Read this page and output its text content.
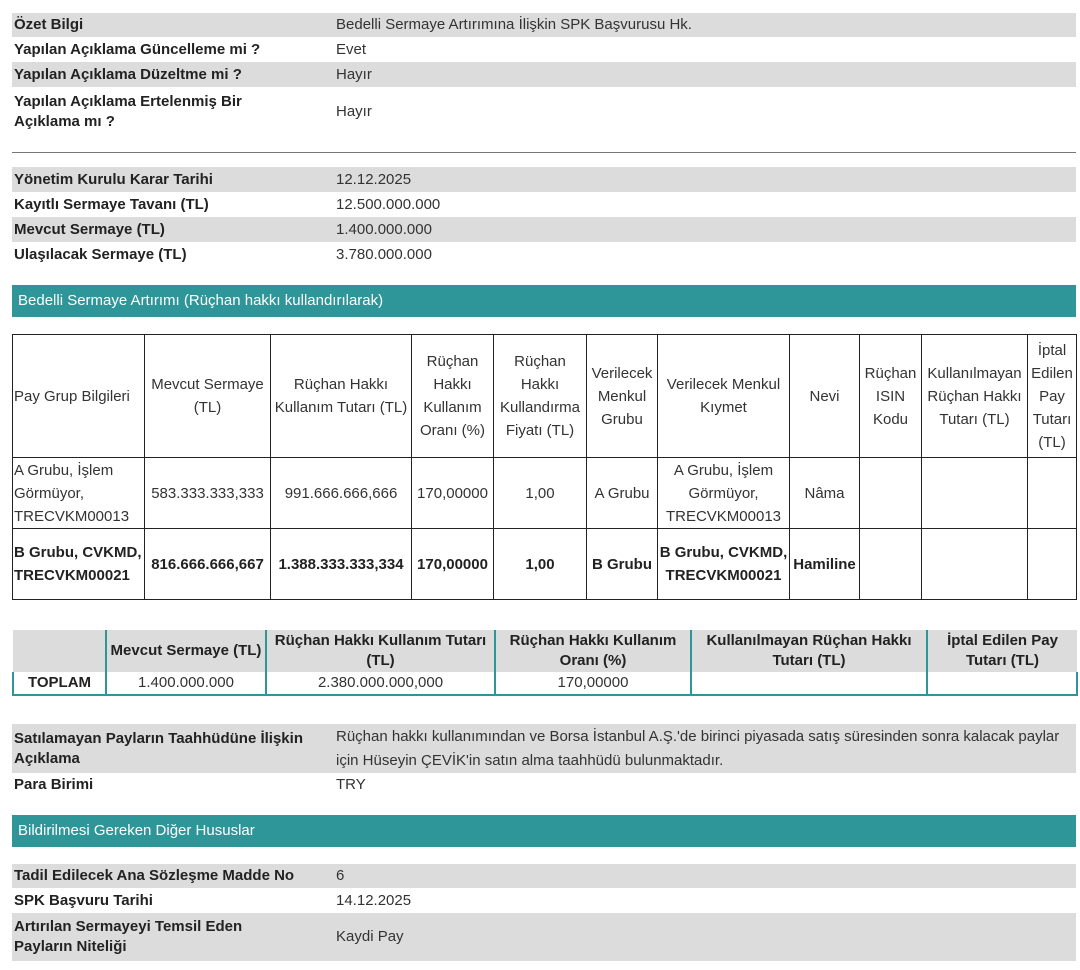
Özet Bilgi	Bedelli Sermaye Artırımına İlişkin SPK Başvurusu Hk.
Yapılan Açıklama Güncelleme mi ?	Evet
Yapılan Açıklama Düzeltme mi ?	Hayır
Yapılan Açıklama Ertelenmiş Bir Açıklama mı ?	Hayır
Yönetim Kurulu Karar Tarihi	12.12.2025
Kayıtlı Sermaye Tavanı (TL)	12.500.000.000
Mevcut Sermaye (TL)	1.400.000.000
Ulaşılacak Sermaye (TL)	3.780.000.000
Bedelli Sermaye Artırımı (Rüçhan hakkı kullandırılarak)
Pay Grup Bilgileri	Mevcut Sermaye (TL)	Rüçhan Hakkı Kullanım Tutarı (TL)	Rüçhan Hakkı Kullanım Oranı (%)	Rüçhan Hakkı Kullandırma Fiyatı (TL)	Verilecek Menkul Grubu	Verilecek Menkul Kıymet	Nevi	Rüçhan ISIN Kodu	Kullanılmayan Rüçhan Hakkı Tutarı (TL)	İptal Edilen Pay Tutarı (TL)
A Grubu, İşlem Görmüyor, TRECVKM00013	583.333.333,333	991.666.666,666	170,00000	1,00	A Grubu	A Grubu, İşlem Görmüyor, TRECVKM00013	Nâma			
B Grubu, CVKMD, TRECVKM00021	816.666.666,667	1.388.333.333,334	170,00000	1,00	B Grubu	B Grubu, CVKMD, TRECVKM00021	Hamiline			
	Mevcut Sermaye (TL)	Rüçhan Hakkı Kullanım Tutarı (TL)	Rüçhan Hakkı Kullanım Oranı (%)	Kullanılmayan Rüçhan Hakkı Tutarı (TL)	İptal Edilen Pay Tutarı (TL)
TOPLAM	1.400.000.000	2.380.000.000,000	170,00000		
Satılamayan Payların Taahhüdüne İlişkin Açıklama	Rüçhan hakkı kullanımından ve Borsa İstanbul A.Ş.'de birinci piyasada satış süresinden sonra kalacak paylar için Hüseyin ÇEVİK'in satın alma taahhüdü bulunmaktadır.
Para Birimi	TRY
Bildirilmesi Gereken Diğer Hususlar
Tadil Edilecek Ana Sözleşme Madde No	6
SPK Başvuru Tarihi	14.12.2025
Artırılan Sermayeyi Temsil Eden Payların Niteliği	Kaydi Pay
